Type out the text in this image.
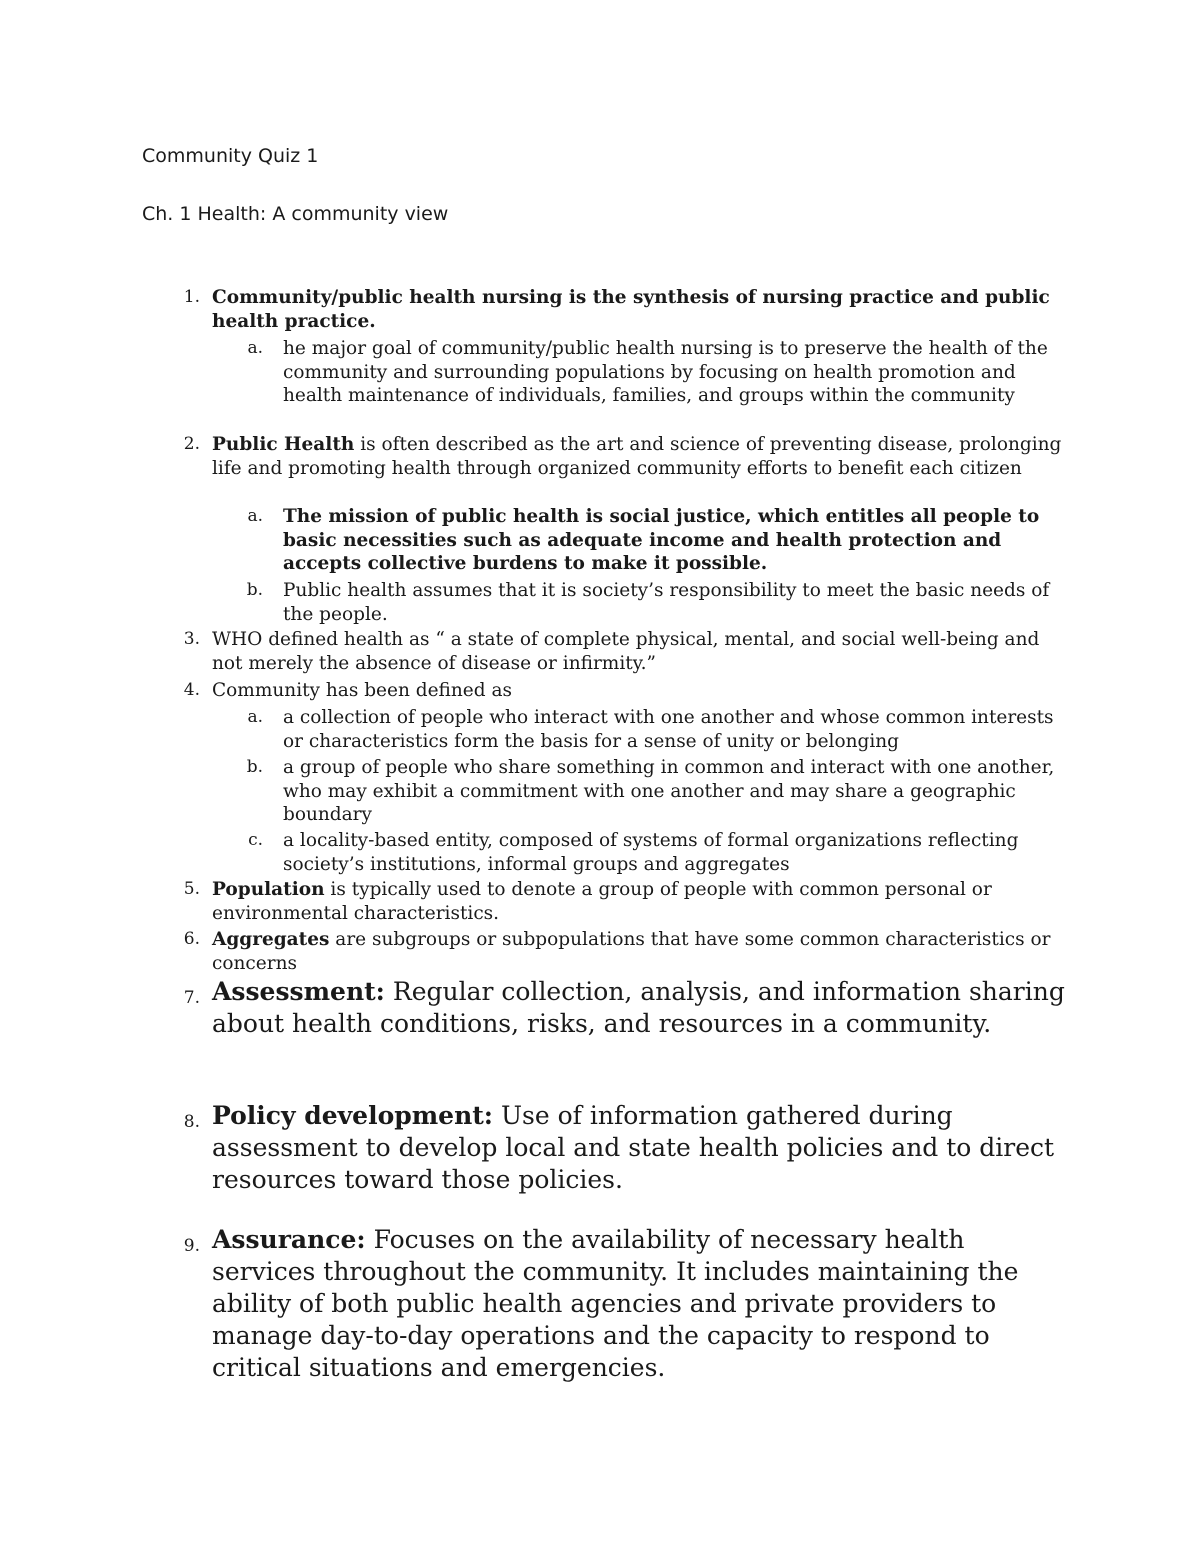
Community Quiz 1
Ch. 1 Health: A community view

1. Community/public health nursing is the synthesis of nursing practice and public health practice.

a. he major goal of community/public health nursing is to preserve the health of the community and surrounding populations by focusing on health promotion and health maintenance of individuals, families, and groups within the community

2. Public Health is often described as the art and science of preventing disease, prolonging life and promoting health through organized community efforts to benefit each citizen

a. The mission of public health is social justice, which entitles all people to basic necessities such as adequate income and health protection and accepts collective burdens to make it possible.

b. Public health assumes that it is society’s responsibility to meet the basic needs of the people.

3. WHO defined health as “ a state of complete physical, mental, and social well-being and not merely the absence of disease or infirmity.”

4. Community has been defined as

a. a collection of people who interact with one another and whose common interests or characteristics form the basis for a sense of unity or belonging

b. a group of people who share something in common and interact with one another, who may exhibit a commitment with one another and may share a geographic boundary

c. a locality-based entity, composed of systems of formal organizations reflecting society’s institutions, informal groups and aggregates

5. Population is typically used to denote a group of people with common personal or environmental characteristics.

6. Aggregates are subgroups or subpopulations that have some common characteristics or concerns

7. Assessment: Regular collection, analysis, and information sharing about health conditions, risks, and resources in a community.

8. Policy development: Use of information gathered during assessment to develop local and state health policies and to direct resources toward those policies.

9. Assurance: Focuses on the availability of necessary health services throughout the community. It includes maintaining the ability of both public health agencies and private providers to manage day-to-day operations and the capacity to respond to critical situations and emergencies.
